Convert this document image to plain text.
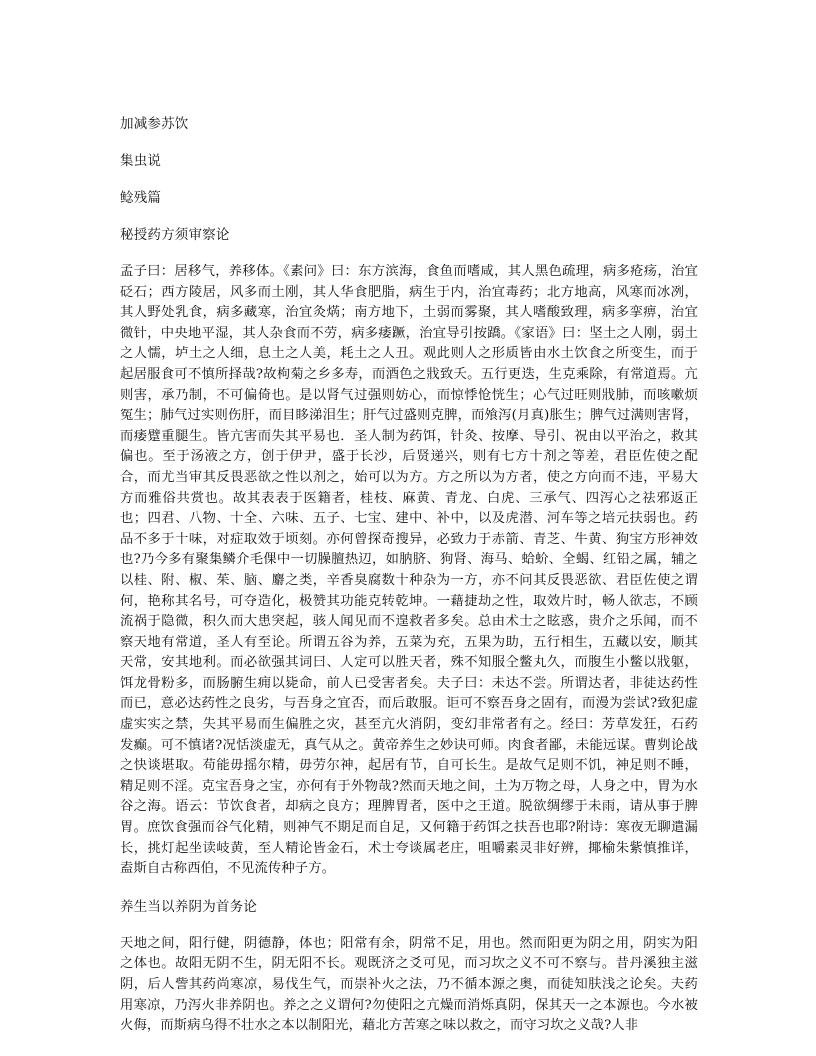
加减参苏饮

集虫说

鲶残篇

秘授药方须审察论

孟子曰：居移气，养移体。《素问》曰：东方滨海，食鱼而嗜咸，其人黑色疏理，病多疮疡，治宜砭石；西方陵居，风多而土刚，其人华食肥脂，病生于内，治宜毒药；北方地高，风寒而冰冽，其人野处乳食，病多藏寒，治宜灸焫；南方地下，土弱而雾聚，其人嗜酸致理，病多挛痹，治宜微针，中央地平湿，其人杂食而不劳，病多痿蹶，治宜导引按蹻。《家语》曰：坚土之人刚，弱土之人懦，垆土之人细，息土之人美，耗土之人丑。观此则人之形质皆由水土饮食之所变生，而于起居服食可不慎所择哉?故枸菊之乡多寿，而酒色之戕致夭。五行更迭，生克乘除，有常道焉。亢则害，承乃制，不可偏倚也。是以肾气过强则妨心，而惊悸怆恍生；心气过旺则戕肺，而咳嗽烦冤生；肺气过实则伤肝，而目眵涕泪生；肝气过盛则克脾，而飧泻(月真)胀生；脾气过满则害肾，而痿躄重腿生。皆亢害而失其平易也．圣人制为药饵，针灸、按摩、导引、祝由以平治之，救其偏也。至于汤液之方，创于伊尹，盛于长沙，后贤递兴，则有七方十剂之等差，君臣佐使之配合，而尤当审其反畏恶欲之性以剂之，始可以为方。方之所以为方者，使之方向而不违，平易大方而雅俗共赏也。故其表表于医籍者，桂枝、麻黄、青龙、白虎、三承气、四泻心之祛邪返正也；四君、八物、十全、六味、五子、七宝、建中、补中，以及虎潜、河车等之培元扶弱也。药品不多于十味，对症取效于顷刻。亦何曾探奇搜异，必致力于赤箭、青芝、牛黄、狗宝方形神效也?乃今多有聚集鳞介毛倮中一切臊膻热辺，如肭脐、狗肾、海马、蛤蚧、全蝎、红铅之属，辅之以桂、附、椒、茱、脑、麝之类，辛香臭腐数十种杂为一方，亦不问其反畏恶欲、君臣佐使之谓何，艳称其名号，可夺造化，极赞其功能克转乾坤。一藉捷劫之性，取效片时，畅人欲志，不顾流祸于隐微，积久而大患突起，骇人闻见而不遑救者多矣。总由术士之眩惑，贵介之乐闻，而不察天地有常道，圣人有至论。所谓五谷为养，五菜为充，五果为助，五行相生，五藏以安，顺其天常，安其地利。而必欲强其词曰、人定可以胜天者，殊不知服仝鳖丸久，而腹生小鳖以戕躯，饵龙骨粉多，而肠腑生痈以毙命，前人已受害者矣。夫子曰：未达不尝。所谓达者，非徒达药性而已，意必达药性之良劣，与吾身之宜否，而后敢服。讵可不察吾身之固有，而漫为尝试?致犯虚虚实实之禁，失其平易而生偏胜之灾，甚至亢火消阴，变幻非常者有之。经曰：芳草发狂，石药发癫。可不慎诸?况恬淡虚无，真气从之。黄帝养生之妙诀可师。肉食者鄙，未能远谋。曹刿论战之快谈堪取。苟能毋摇尔精，毋劳尔神，起居有节，自可长生。是故气足则不饥，神足则不睡，精足则不淫。克宝吾身之宝，亦何有于外物哉?然而天地之间，土为万物之母，人身之中，胃为水谷之海。语云：节饮食者，却病之良方；理脾胃者，医中之王道。脱欲绸缪于未雨，请从事于脾胃。庶饮食强而谷气化精，则神气不期足而自足，又何籍于药饵之扶吾也耶?附诗：寒夜无聊遣漏长，挑灯起坐读岐黄，至人精论皆金石，术士夸谈属老庄，咀嚼素灵非好辨，揶榆朱紫慎推详，盍斯自古称西伯，不见流传种子方。

养生当以养阴为首务论

天地之间，阳行健，阴德静，体也；阳常有余，阴常不足，用也。然而阳更为阴之用，阴实为阳之体也。故阳无阴不生，阴无阳不长。观既济之爻可见，而习坎之义不可不察与。昔丹溪独主滋阴，后人訾其药尚寒凉，易伐生气，而崇补火之法，乃不循本源之奥，而徒知肤浅之论矣。夫药用寒凉，乃泻火非养阴也。养之之义谓何?勿使阳之亢燥而消烁真阴，保其天一之本源也。今水被火侮，而斯病乌得不壮水之本以制阳光，藉北方苦寒之味以救之，而守习坎之义哉?人非
